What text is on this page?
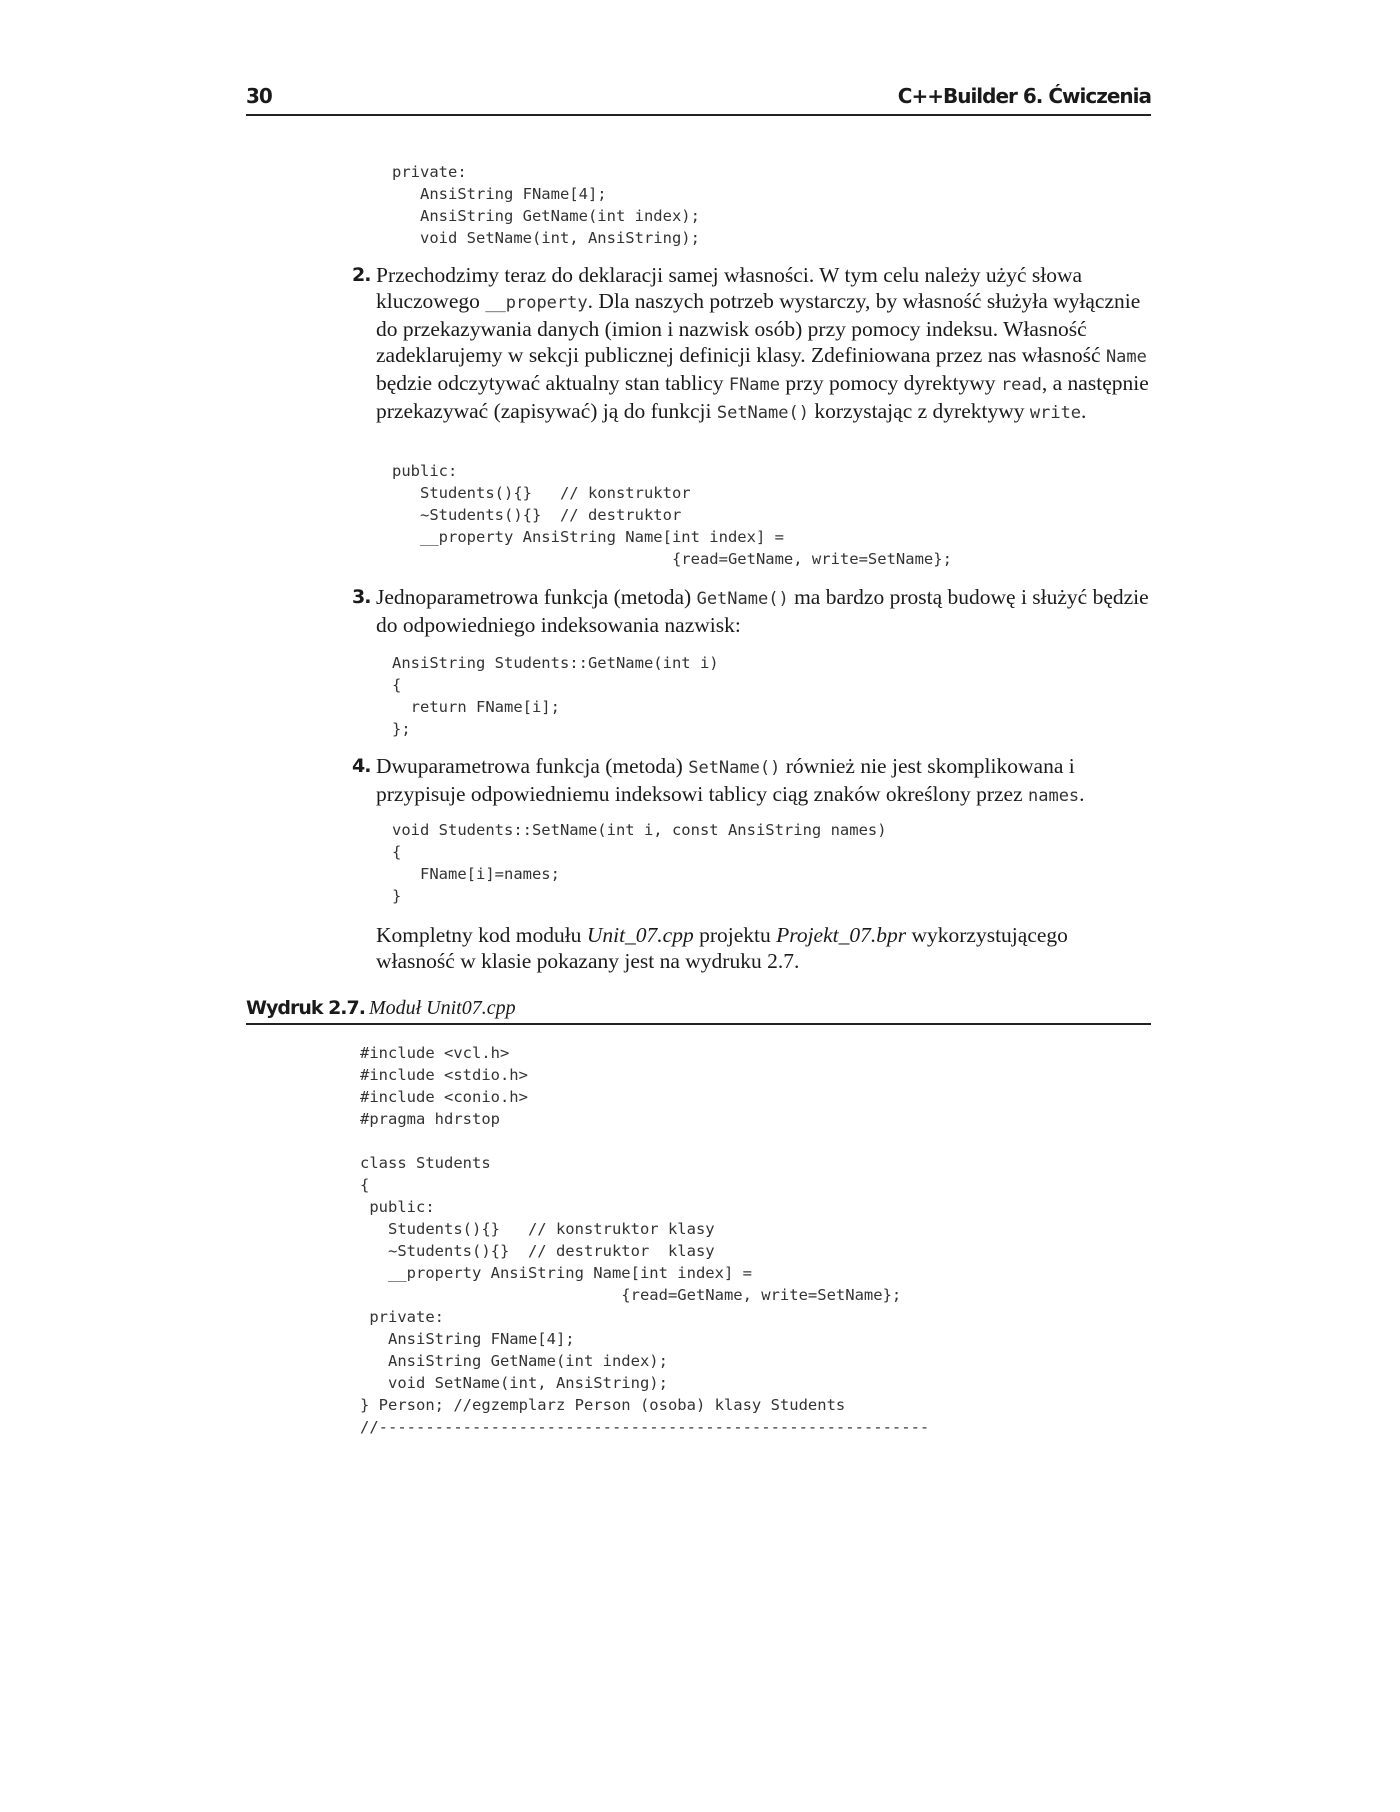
30	C++Builder 6. Ćwiczenia
private:
AnsiString FName[4];
AnsiString GetName(int index);
void SetName(int, AnsiString);
2. Przechodzimy teraz do deklaracji samej własności. W tym celu należy użyć słowa kluczowego __property. Dla naszych potrzeb wystarczy, by własność służyła wyłącznie do przekazywania danych (imion i nazwisk osób) przy pomocy indeksu. Własność zadeklarujemy w sekcji publicznej definicji klasy. Zdefiniowana przez nas własność Name będzie odczytywać aktualny stan tablicy FName przy pomocy dyrektywy read, a następnie przekazywać (zapisywać) ją do funkcji SetName() korzystając z dyrektywy write.
public:
Students(){}   // konstruktor
~Students(){}  // destruktor
__property AnsiString Name[int index] =
{read=GetName, write=SetName};
3. Jednoparametrowa funkcja (metoda) GetName() ma bardzo prostą budowę i służyć będzie do odpowiedniego indeksowania nazwisk:
AnsiString Students::GetName(int i)
{
return FName[i];
};
4. Dwuparametrowa funkcja (metoda) SetName() również nie jest skomplikowana i przypisuje odpowiedniemu indeksowi tablicy ciąg znaków określony przez names.
void Students::SetName(int i, const AnsiString names)
{
FName[i]=names;
}
Kompletny kod modułu Unit_07.cpp projektu Projekt_07.bpr wykorzystującego własność w klasie pokazany jest na wydruku 2.7.
Wydruk 2.7. Moduł Unit07.cpp
#include <vcl.h>
#include <stdio.h>
#include <conio.h>
#pragma hdrstop

class Students
{
public:
Students(){}   // konstruktor klasy
~Students(){}  // destruktor  klasy
__property AnsiString Name[int index] =
{read=GetName, write=SetName};
private:
AnsiString FName[4];
AnsiString GetName(int index);
void SetName(int, AnsiString);
} Person; //egzemplarz Person (osoba) klasy Students
//-----------------------------------------------------------
